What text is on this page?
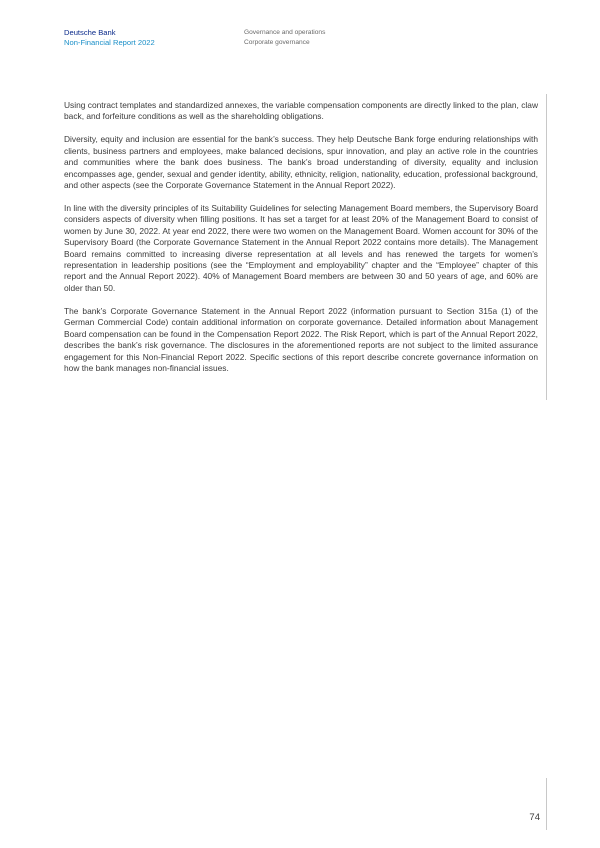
Deutsche Bank
Non-Financial Report 2022
Governance and operations
Corporate governance

Using contract templates and standardized annexes, the variable compensation components are directly linked to the plan, claw back, and forfeiture conditions as well as the shareholding obligations.

Diversity, equity and inclusion are essential for the bank’s success. They help Deutsche Bank forge enduring relationships with clients, business partners and employees, make balanced decisions, spur innovation, and play an active role in the countries and communities where the bank does business. The bank’s broad understanding of diversity, equality and inclusion encompasses age, gender, sexual and gender identity, ability, ethnicity, religion, nationality, education, professional background, and other aspects (see the Corporate Governance Statement in the Annual Report 2022).

In line with the diversity principles of its Suitability Guidelines for selecting Management Board members, the Supervisory Board considers aspects of diversity when filling positions. It has set a target for at least 20% of the Management Board to consist of women by June 30, 2022. At year end 2022, there were two women on the Management Board. Women account for 30% of the Supervisory Board (the Corporate Governance Statement in the Annual Report 2022 contains more details). The Management Board remains committed to increasing diverse representation at all levels and has renewed the targets for women’s representation in leadership positions (see the “Employment and employability” chapter and the “Employee” chapter of this report and the Annual Report 2022). 40% of Management Board members are between 30 and 50 years of age, and 60% are older than 50.

The bank’s Corporate Governance Statement in the Annual Report 2022 (information pursuant to Section 315a (1) of the German Commercial Code) contain additional information on corporate governance. Detailed information about Management Board compensation can be found in the Compensation Report 2022. The Risk Report, which is part of the Annual Report 2022, describes the bank’s risk governance. The disclosures in the aforementioned reports are not subject to the limited assurance engagement for this Non-Financial Report 2022. Specific sections of this report describe concrete governance information on how the bank manages non-financial issues.

74
